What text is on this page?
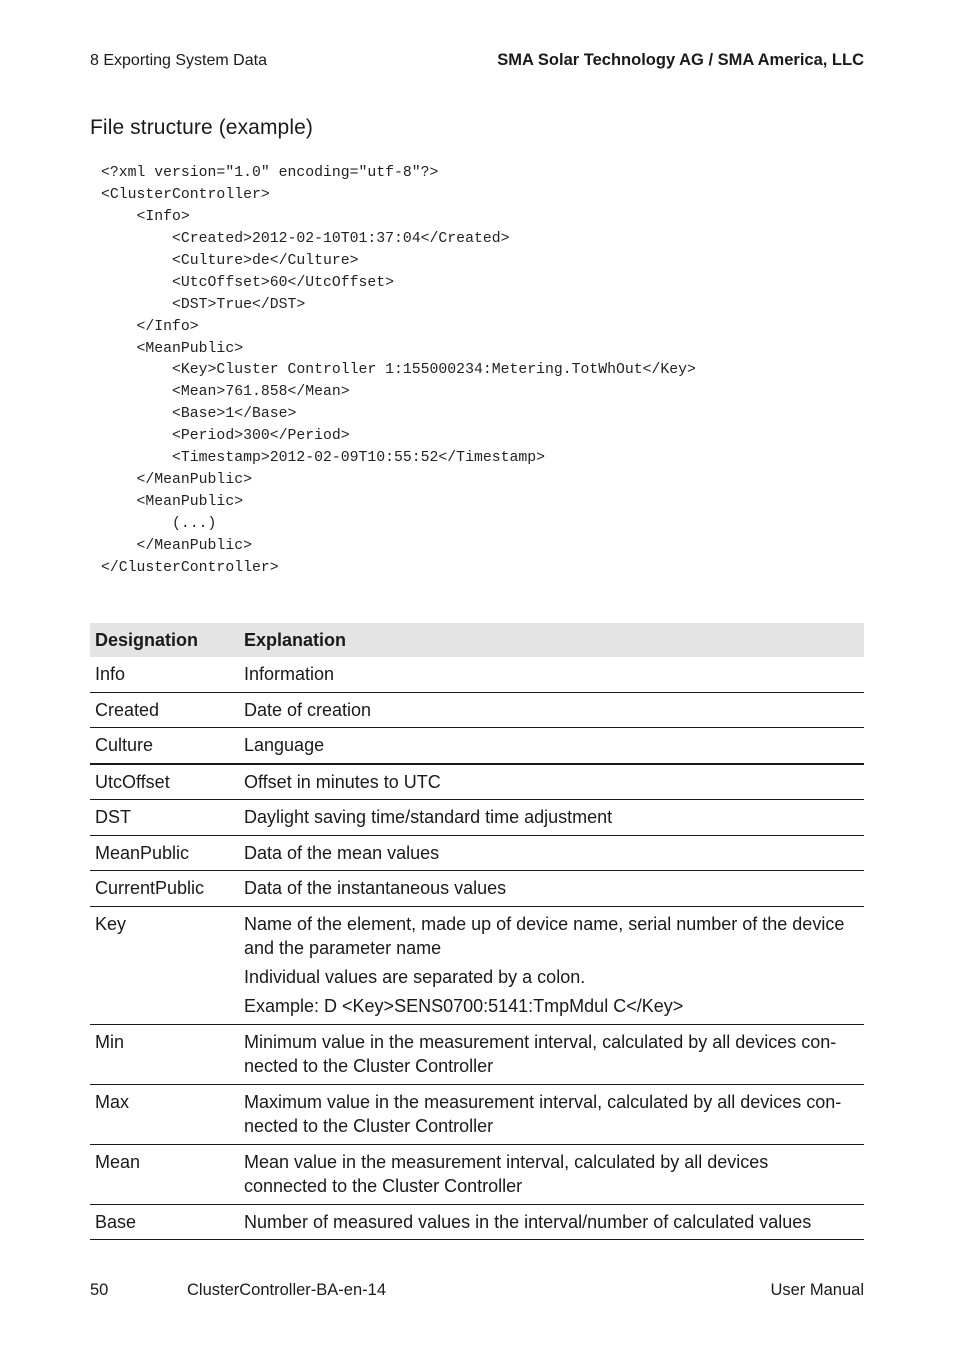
8 Exporting System Data	SMA Solar Technology AG / SMA America, LLC
File structure (example)
<?xml version="1.0" encoding="utf-8"?>
<ClusterController>
<Info>
<Created>2012-02-10T01:37:04</Created>
<Culture>de</Culture>
<UtcOffset>60</UtcOffset>
<DST>True</DST>
</Info>
<MeanPublic>
<Key>Cluster Controller 1:155000234:Metering.TotWhOut</Key>
<Mean>761.858</Mean>
<Base>1</Base>
<Period>300</Period>
<Timestamp>2012-02-09T10:55:52</Timestamp>
</MeanPublic>
<MeanPublic>
(...)
</MeanPublic>
</ClusterController>
Designation	Explanation
Info	Information
Created	Date of creation
Culture	Language
UtcOffset	Offset in minutes to UTC
DST	Daylight saving time/standard time adjustment
MeanPublic	Data of the mean values
CurrentPublic	Data of the instantaneous values
Key	Name of the element, made up of device name, serial number of the device and the parameter name
Individual values are separated by a colon.
Example: D <Key>SENS0700:5141:TmpMdul C</Key>
Min	Minimum value in the measurement interval, calculated by all devices con-nected to the Cluster Controller
Max	Maximum value in the measurement interval, calculated by all devices con-nected to the Cluster Controller
Mean	Mean value in the measurement interval, calculated by all devices connected to the Cluster Controller
Base	Number of measured values in the interval/number of calculated values
50	ClusterController-BA-en-14	User Manual
